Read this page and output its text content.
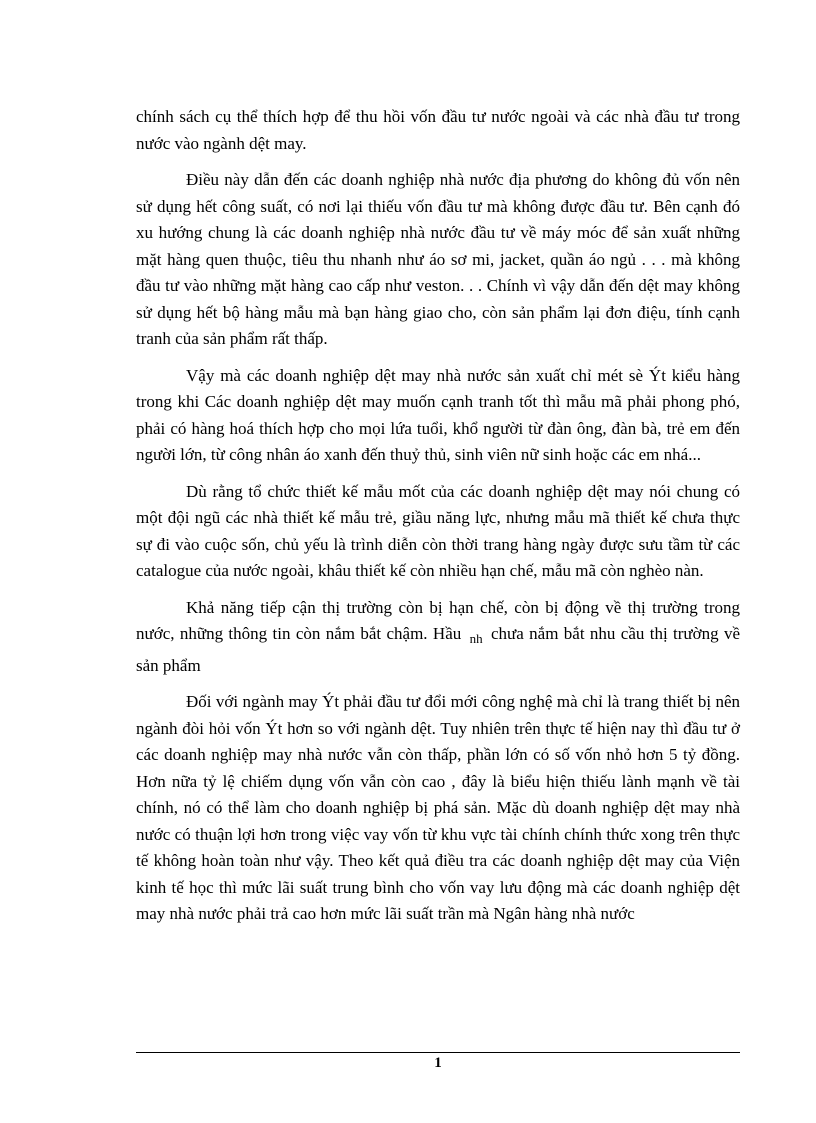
chính sách cụ thể thích hợp để thu hồi vốn đầu tư nước ngoài và các nhà đầu tư trong nước vào ngành dệt may.

Điều này dẫn đến các doanh nghiệp nhà nước địa phương do không đủ vốn nên sử dụng hết công suất, có nơi lại thiếu vốn đầu tư mà không được đầu tư. Bên cạnh đó xu hướng chung là các doanh nghiệp nhà nước đầu tư về máy móc để sản xuất những mặt hàng quen thuộc, tiêu thu nhanh như áo sơ mi, jacket, quần áo ngủ . . . mà không đầu tư vào những mặt hàng cao cấp như veston. . . Chính vì vậy dẫn đến dệt may không sử dụng hết bộ hàng mẫu mà bạn hàng giao cho, còn sản phẩm lại đơn điệu, tính cạnh tranh của sản phẩm rất thấp.

Vậy mà các doanh nghiệp dệt may nhà nước sản xuất chỉ mét sè Ýt kiểu hàng trong khi Các doanh nghiệp dệt may muốn cạnh tranh tốt thì mẫu mã phải phong phó, phải có hàng hoá thích hợp cho mọi lứa tuổi, khổ người từ đàn ông, đàn bà, trẻ em đến người lớn, từ công nhân áo xanh đến thuỷ thủ, sinh viên nữ sinh hoặc các em nhá...

Dù rằng tổ chức thiết kế mẫu mốt của các doanh nghiệp dệt may nói chung có một đội ngũ các nhà thiết kế mẫu trẻ, giầu năng lực, nhưng mẫu mã thiết kế chưa thực sự đi vào cuộc sốn, chủ yếu là trình diễn còn thời trang hàng ngày được sưu tầm từ các catalogue của nước ngoài, khâu thiết kế còn nhiều hạn chế, mẫu mã còn nghèo nàn.

Khả năng tiếp cận thị trường còn bị hạn chế, còn bị động về thị trường trong nước, những thông tin còn nắm bắt chậm. Hầu $_{nh}$ chưa nắm bắt nhu cầu thị trường về sản phẩm

Đối với ngành may Ýt phải đầu tư đổi mới công nghệ mà chỉ là trang thiết bị nên ngành đòi hỏi vốn Ýt hơn so với ngành dệt. Tuy nhiên trên thực tế hiện nay thì đầu tư ở các doanh nghiệp may nhà nước vẫn còn thấp, phần lớn có số vốn nhỏ hơn 5 tỷ đồng. Hơn nữa tỷ lệ chiếm dụng vốn vẫn còn cao , đây là biểu hiện thiếu lành mạnh về tài chính, nó có thể làm cho doanh nghiệp bị phá sản. Mặc dù doanh nghiệp dệt may nhà nước có thuận lợi hơn trong việc vay vốn từ khu vực tài chính chính thức xong trên thực tế không hoàn toàn như vậy. Theo kết quả điều tra các doanh nghiệp dệt may của Viện kinh tế học thì mức lãi suất trung bình cho vốn vay lưu động mà các doanh nghiệp dệt may nhà nước phải trả cao hơn mức lãi suất trần mà Ngân hàng nhà nước

1
